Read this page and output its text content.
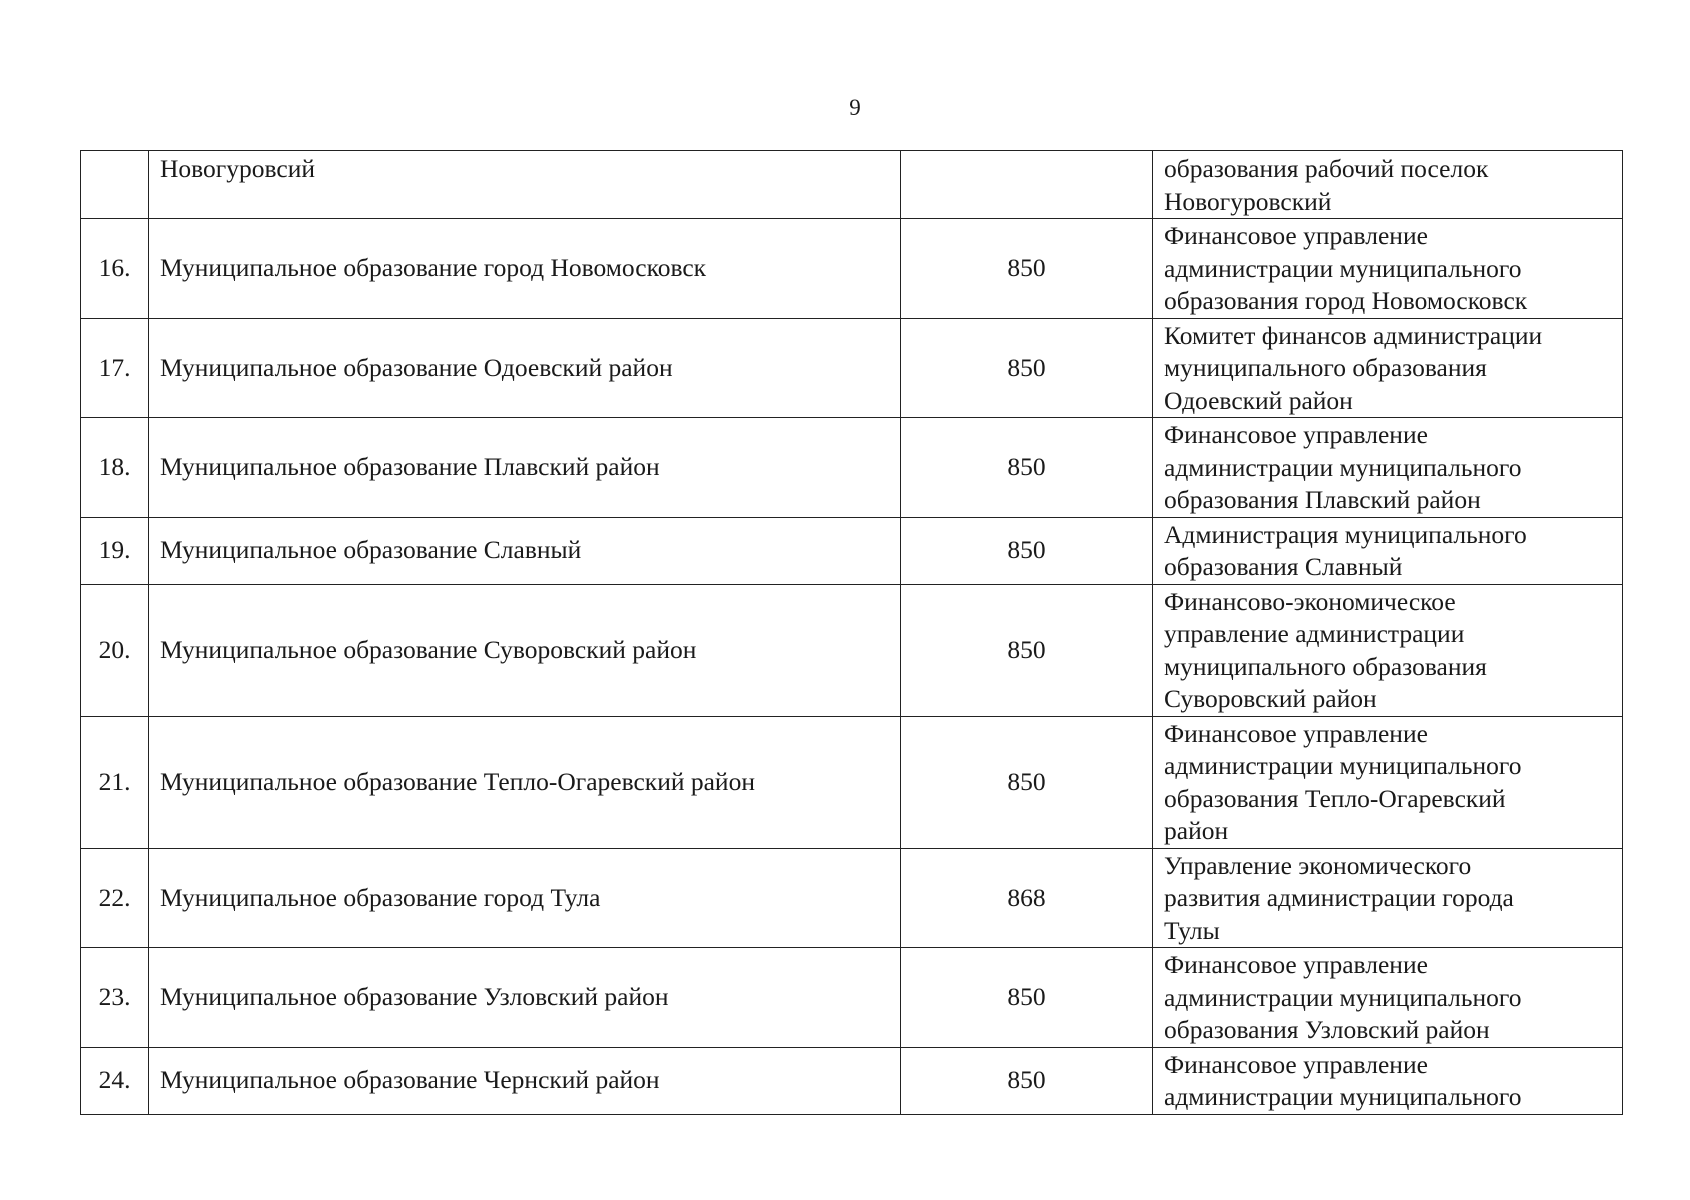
9
	Новогуровсий		образования рабочий поселок
Новогуровский

16.	Муниципальное образование город Новомосковск	850	Финансовое управление
администрации муниципального
образования город Новомосковск

17.	Муниципальное образование Одоевский район	850	Комитет финансов администрации
муниципального образования
Одоевский район

18.	Муниципальное образование Плавский район	850	Финансовое управление
администрации муниципального
образования Плавский район

19.	Муниципальное образование Славный	850	Администрация муниципального
образования Славный

20.	Муниципальное образование Суворовский район	850	Финансово-экономическое
управление администрации
муниципального образования
Суворовский район

21.	Муниципальное образование Тепло-Огаревский район	850	Финансовое управление
администрации муниципального
образования Тепло-Огаревский
район

22.	Муниципальное образование город Тула	868	Управление экономического
развития администрации города
Тулы

23.	Муниципальное образование Узловский район	850	Финансовое управление
администрации муниципального
образования Узловский район

24.	Муниципальное образование Чернский район	850	Финансовое управление
администрации муниципального
